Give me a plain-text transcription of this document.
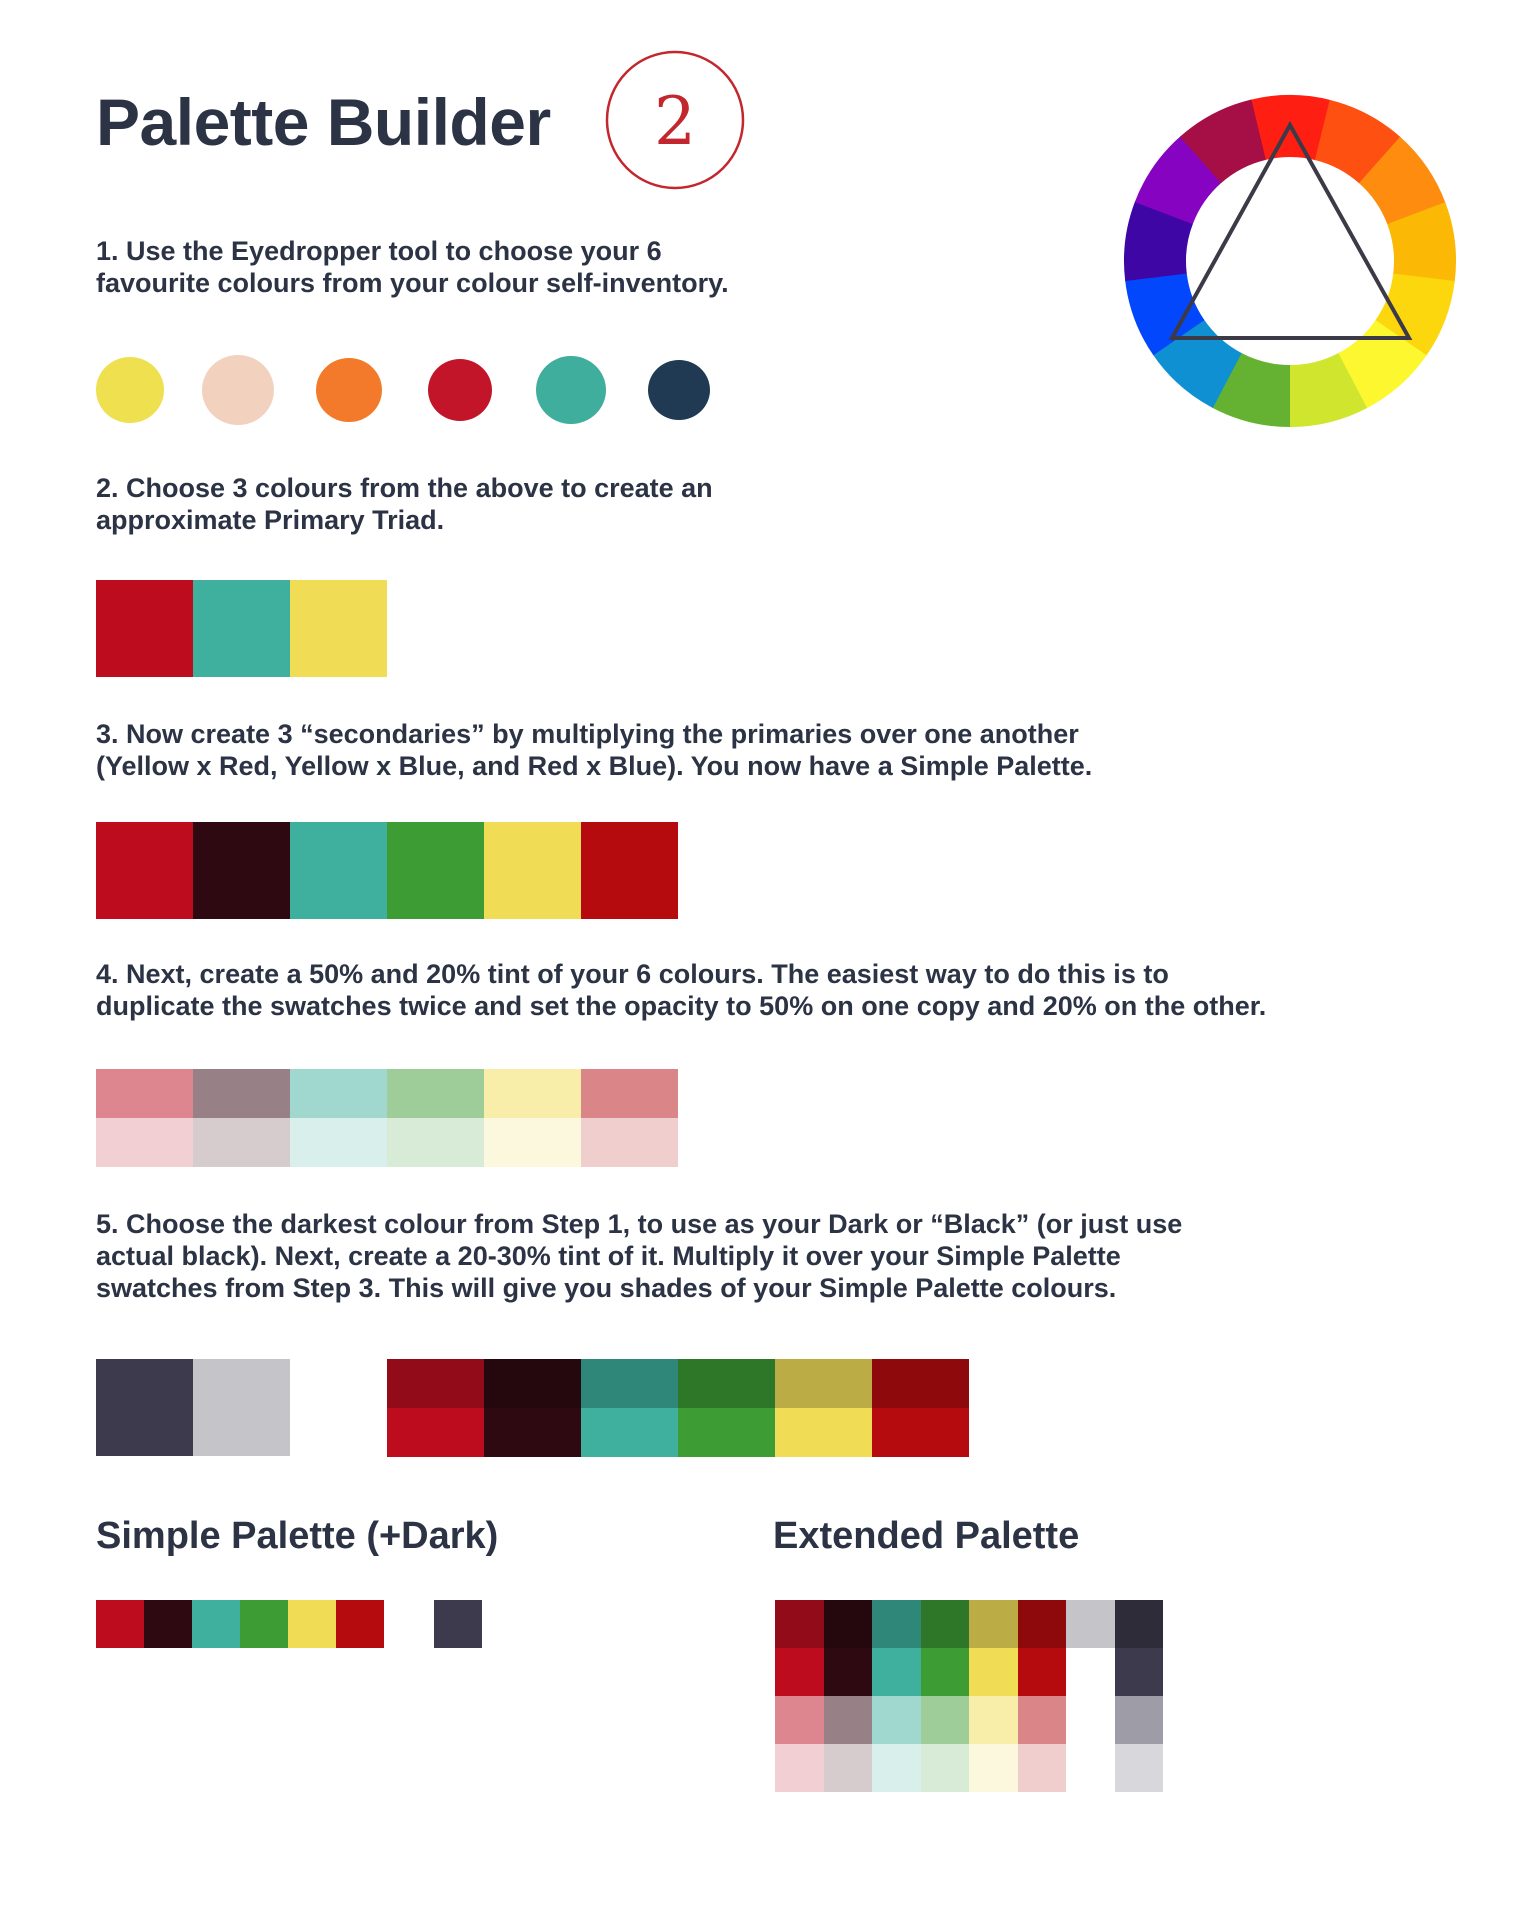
Palette Builder 2

1. Use the Eyedropper tool to choose your 6
favourite colours from your colour self-inventory.

2. Choose 3 colours from the above to create an
approximate Primary Triad.

3. Now create 3 “secondaries” by multiplying the primaries over one another
(Yellow x Red, Yellow x Blue, and Red x Blue). You now have a Simple Palette.

4. Next, create a 50% and 20% tint of your 6 colours. The easiest way to do this is to
duplicate the swatches twice and set the opacity to 50% on one copy and 20% on the other.

5. Choose the darkest colour from Step 1, to use as your Dark or “Black” (or just use
actual black). Next, create a 20-30% tint of it. Multiply it over your Simple Palette
swatches from Step 3. This will give you shades of your Simple Palette colours.

Simple Palette (+Dark)	Extended Palette
